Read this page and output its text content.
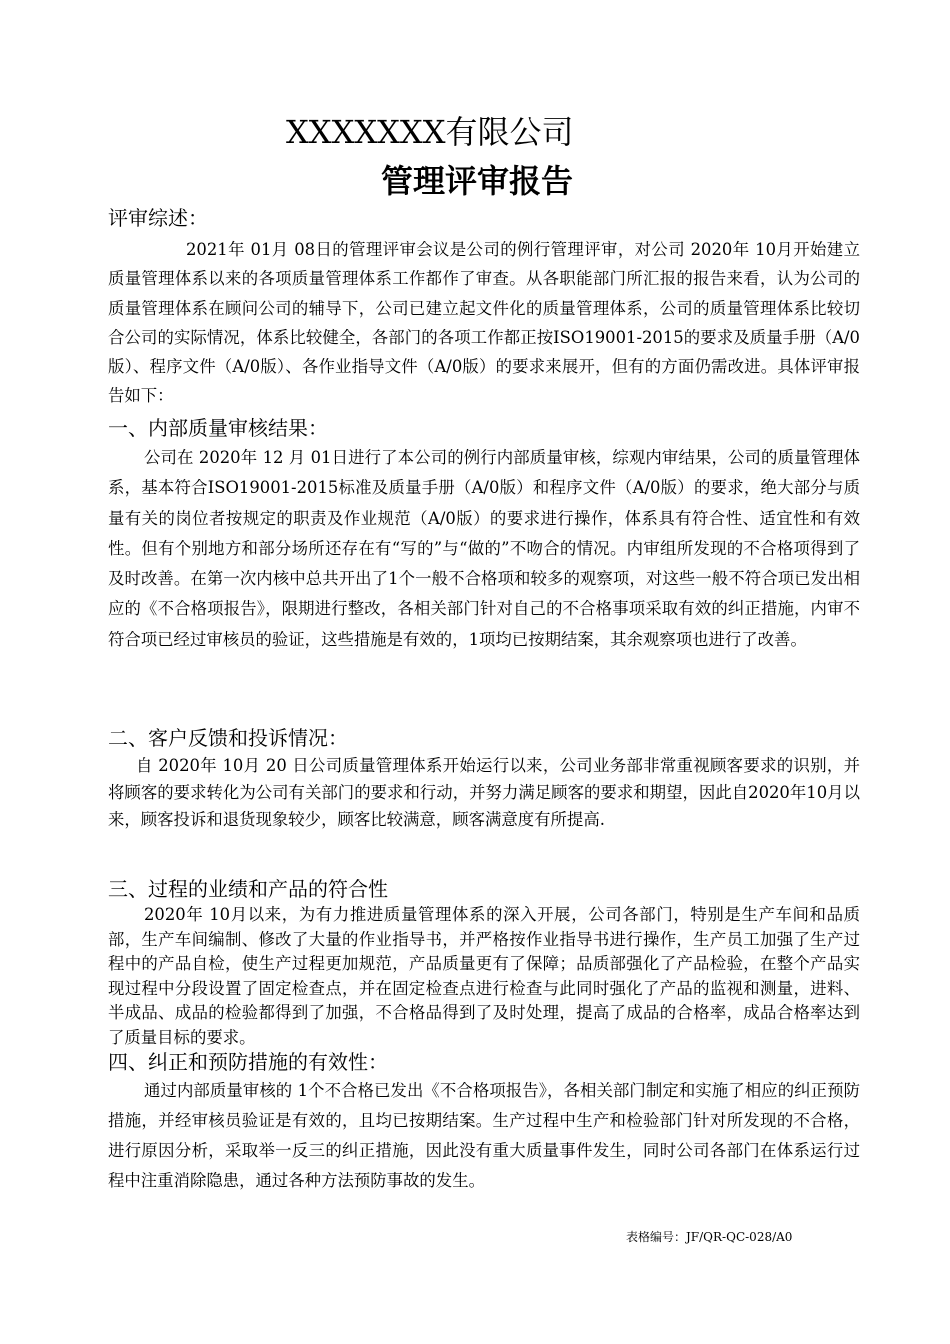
XXXXXXX有限公司
管理评审报告
评审综述：
2021年 01月 08日的管理评审会议是公司的例行管理评审，对公司 2020年 10月开始建立质量管理体系以来的各项质量管理体系工作都作了审查。从各职能部门所汇报的报告来看，认为公司的质量管理体系在顾问公司的辅导下，公司已建立起文件化的质量管理体系，公司的质量管理体系比较切合公司的实际情况，体系比较健全，各部门的各项工作都正按ISO19001-2015的要求及质量手册（A/0版）、程序文件（A/0版）、各作业指导文件（A/0版）的要求来展开，但有的方面仍需改进。具体评审报告如下：
一、内部质量审核结果：
公司在 2020年 12 月 01日进行了本公司的例行内部质量审核，综观内审结果，公司的质量管理体系，基本符合ISO19001-2015标准及质量手册（A/0版）和程序文件（A/0版）的要求，绝大部分与质量有关的岗位者按规定的职责及作业规范（A/0版）的要求进行操作，体系具有符合性、适宜性和有效性。但有个别地方和部分场所还存在有“写的”与“做的”不吻合的情况。内审组所发现的不合格项得到了及时改善。在第一次内核中总共开出了1个一般不合格项和较多的观察项，对这些一般不符合项已发出相应的《不合格项报告》，限期进行整改，各相关部门针对自己的不合格事项采取有效的纠正措施，内审不符合项已经过审核员的验证，这些措施是有效的，1项均已按期结案，其余观察项也进行了改善。
二、客户反馈和投诉情况：
自 2020年 10月 20 日公司质量管理体系开始运行以来，公司业务部非常重视顾客要求的识别，并将顾客的要求转化为公司有关部门的要求和行动，并努力满足顾客的要求和期望，因此自2020年10月以来，顾客投诉和退货现象较少，顾客比较满意，顾客满意度有所提高.
三、过程的业绩和产品的符合性
2020年 10月以来，为有力推进质量管理体系的深入开展，公司各部门，特别是生产车间和品质部，生产车间编制、修改了大量的作业指导书，并严格按作业指导书进行操作，生产员工加强了生产过程中的产品自检，使生产过程更加规范，产品质量更有了保障；品质部强化了产品检验，在整个产品实现过程中分段设置了固定检查点，并在固定检查点进行检查与此同时强化了产品的监视和测量，进料、半成品、成品的检验都得到了加强，不合格品得到了及时处理，提高了成品的合格率，成品合格率达到了质量目标的要求。
四、纠正和预防措施的有效性：
通过内部质量审核的 1个不合格已发出《不合格项报告》，各相关部门制定和实施了相应的纠正预防措施，并经审核员验证是有效的，且均已按期结案。生产过程中生产和检验部门针对所发现的不合格，进行原因分析，采取举一反三的纠正措施，因此没有重大质量事件发生，同时公司各部门在体系运行过程中注重消除隐患，通过各种方法预防事故的发生。
表格编号：JF/QR-QC-028/A0
